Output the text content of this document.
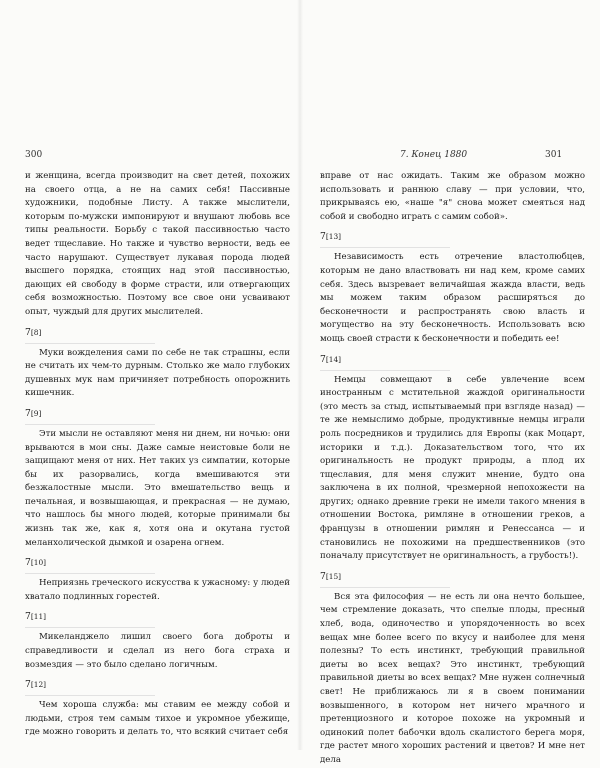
300	7. Конец 1880	301

и женщина, всегда производит на свет детей, похожих на своего отца, а не на самих себя! Пассивные художники, подобные Листу. А также мыслители, которым по-мужски импонируют и внушают любовь все типы реальности. Борьбу с такой пассивностью часто ведет тщеславие. Но также и чувство верности, ведь ее часто нарушают. Существует лукавая порода людей высшего порядка, стоящих над этой пассивностью, дающих ей свободу в форме страсти, или отвергающих себя возможностью. Поэтому все свое они усваивают опыт, чуждый для других мыслителей.

7[8]

Муки вожделения сами по себе не так страшны, если не считать их чем-то дурным. Столько же мало глубоких душевных мук нам причиняет потребность опорожнить кишечник.

7[9]

Эти мысли не оставляют меня ни днем, ни ночью: они врываются в мои сны. Даже самые неистовые боли не защищают меня от них. Нет таких уз симпатии, которые бы их разорвались, когда вмешиваются эти безжалостные мысли. Это вмешательство вещь и печальная, и возвышающая, и прекрасная — не думаю, что нашлось бы много людей, которые принимали бы жизнь так же, как я, хотя она и окутана густой меланхолической дымкой и озарена огнем.

7[10]

Неприязнь греческого искусства к ужасному: у людей хватало подлинных горестей.

7[11]

Микеланджело лишил своего бога доброты и справедливости и сделал из него бога страха и возмездия — это было сделано логичным.

7[12]

Чем хороша служба: мы ставим ее между собой и людьми, строя тем самым тихое и укромное убежище, где можно говорить и делать то, что всякий считает себя

вправе от нас ожидать. Таким же образом можно использовать и раннюю славу — при условии, что, прикрываясь ею, «наше "я" снова может смеяться над собой и свободно играть с самим собой».

7[13]

Независимость есть отречение властолюбцев, которым не дано властвовать ни над кем, кроме самих себя. Здесь вызревает величайшая жажда власти, ведь мы можем таким образом расширяться до бесконечности и распространять свою власть и могущество на эту бесконечность. Использовать всю мощь своей страсти к бесконечности и победить ее!

7[14]

Немцы совмещают в себе увлечение всем иностранным с мстительной жаждой оригинальности (это месть за стыд, испытываемый при взгляде назад) — те же немыслимо добрые, продуктивные немцы играли роль посредников и трудились для Европы (как Моцарт, историки и т.д.). Доказательством того, что их оригинальность не продукт природы, а плод их тщеславия, для меня служит мнение, будто она заключена в их полной, чрезмерной непохожести на других; однако древние греки не имели такого мнения в отношении Востока, римляне в отношении греков, а французы в отношении римлян и Ренессанса — и становились не похожими на предшественников (это поначалу присутствует не оригинальность, а грубость!).

7[15]

Вся эта философия — не есть ли она нечто большее, чем стремление доказать, что спелые плоды, пресный хлеб, вода, одиночество и упорядоченность во всех вещах мне более всего по вкусу и наиболее для меня полезны? То есть инстинкт, требующий правильной диеты во всех вещах? Это инстинкт, требующий правильной диеты во всех вещах? Мне нужен солнечный свет! Не приближаюсь ли я в своем понимании возвышенного, в котором нет ничего мрачного и претенциозного и которое похоже на укромный и одинокий полет бабочки вдоль скалистого берега моря, где растет много хороших растений и цветов? И мне нет дела
